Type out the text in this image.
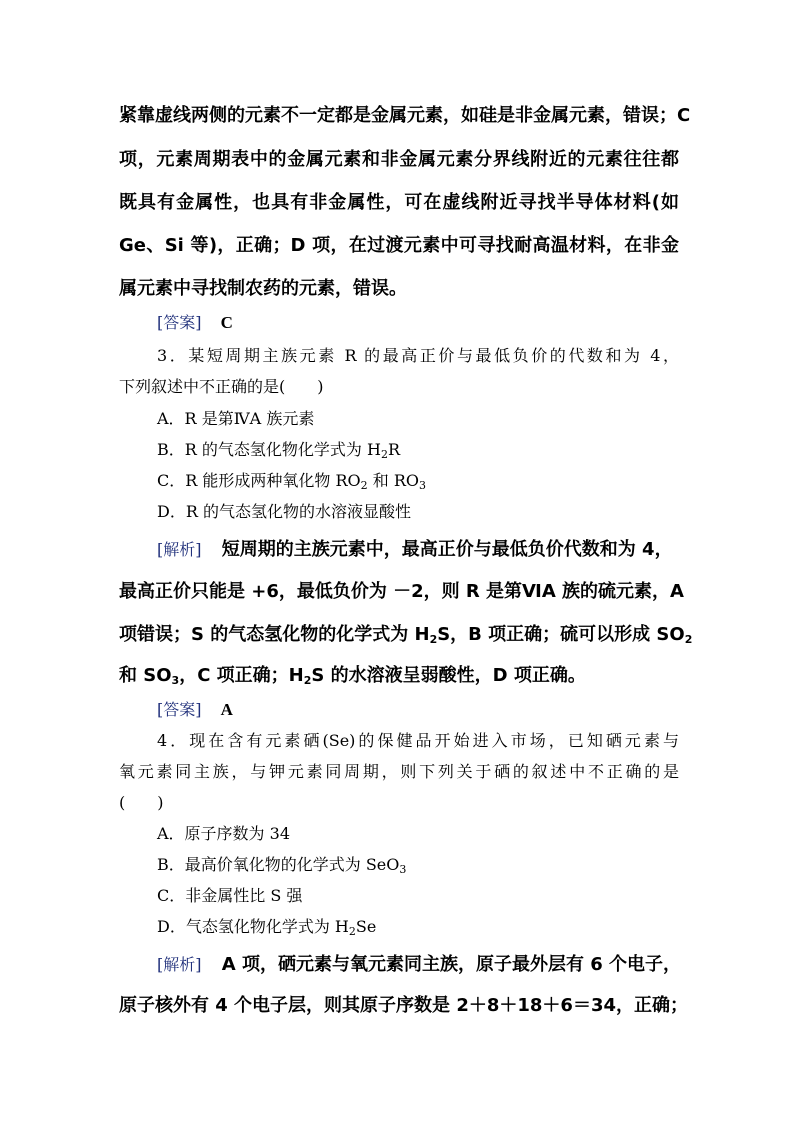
紧靠虚线两侧的元素不一定都是金属元素，如硅是非金属元素，错误；C
项，元素周期表中的金属元素和非金属元素分界线附近的元素往往都
既具有金属性，也具有非金属性，可在虚线附近寻找半导体材料(如
Ge、Si 等)，正确；D 项，在过渡元素中可寻找耐高温材料，在非金
属元素中寻找制农药的元素，错误。
[答案] C
3．某短周期主族元素 R 的最高正价与最低负价的代数和为 4，
下列叙述中不正确的是(　　)
A．R 是第ⅣA 族元素
B．R 的气态氢化物化学式为 $H_2R$
C．R 能形成两种氧化物 $RO_2$ 和 $RO_3$
D．R 的气态氢化物的水溶液显酸性
[解析] 短周期的主族元素中，最高正价与最低负价代数和为 4，
最高正价只能是 +6，最低负价为 －2，则 R 是第ⅥA 族的硫元素，A
项错误；S 的气态氢化物的化学式为 $H_2S$，B 项正确；硫可以形成 $SO_2$
和 $SO_3$，C 项正确；$H_2S$ 的水溶液呈弱酸性，D 项正确。
[答案] A
4．现在含有元素硒(Se)的保健品开始进入市场，已知硒元素与
氧元素同主族，与钾元素同周期，则下列关于硒的叙述中不正确的是
(　　)
A．原子序数为 34
B．最高价氧化物的化学式为 SeO$_3$
C．非金属性比 S 强
D．气态氢化物化学式为 $H_2Se$
[解析] A 项，硒元素与氧元素同主族，原子最外层有 6 个电子，
原子核外有 4 个电子层，则其原子序数是 2＋8＋18＋6＝34，正确；
